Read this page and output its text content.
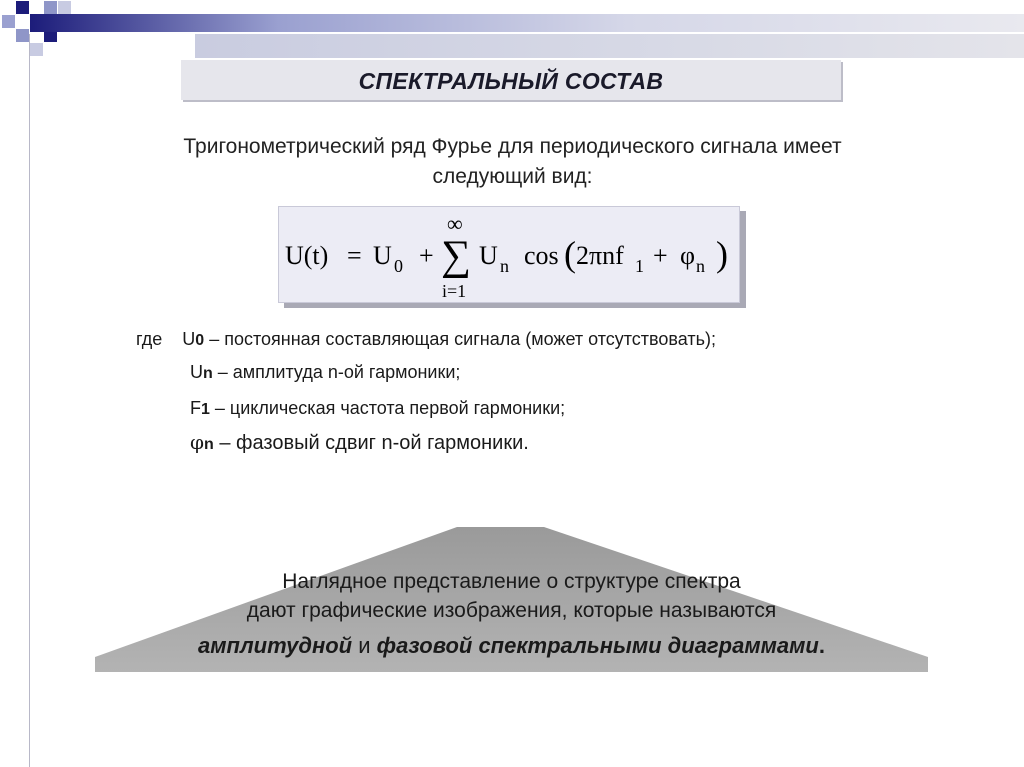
СПЕКТРАЛЬНЫЙ СОСТАВ
Тригонометрический ряд Фурье для периодического сигнала имеет
следующий вид:
U(t) = U 0 +
∞
∑
i=1
U n cos ( 2πnf 1 + φ n )
где U0 – постоянная составляющая сигнала (может отсутствовать);
Un – амплитуда n-ой гармоники;
F1 – циклическая частота первой гармоники;
φn – фазовый сдвиг n-ой гармоники.
Наглядное представление о структуре спектра
дают графические изображения, которые называются
амплитудной и фазовой спектральными диаграммами.
